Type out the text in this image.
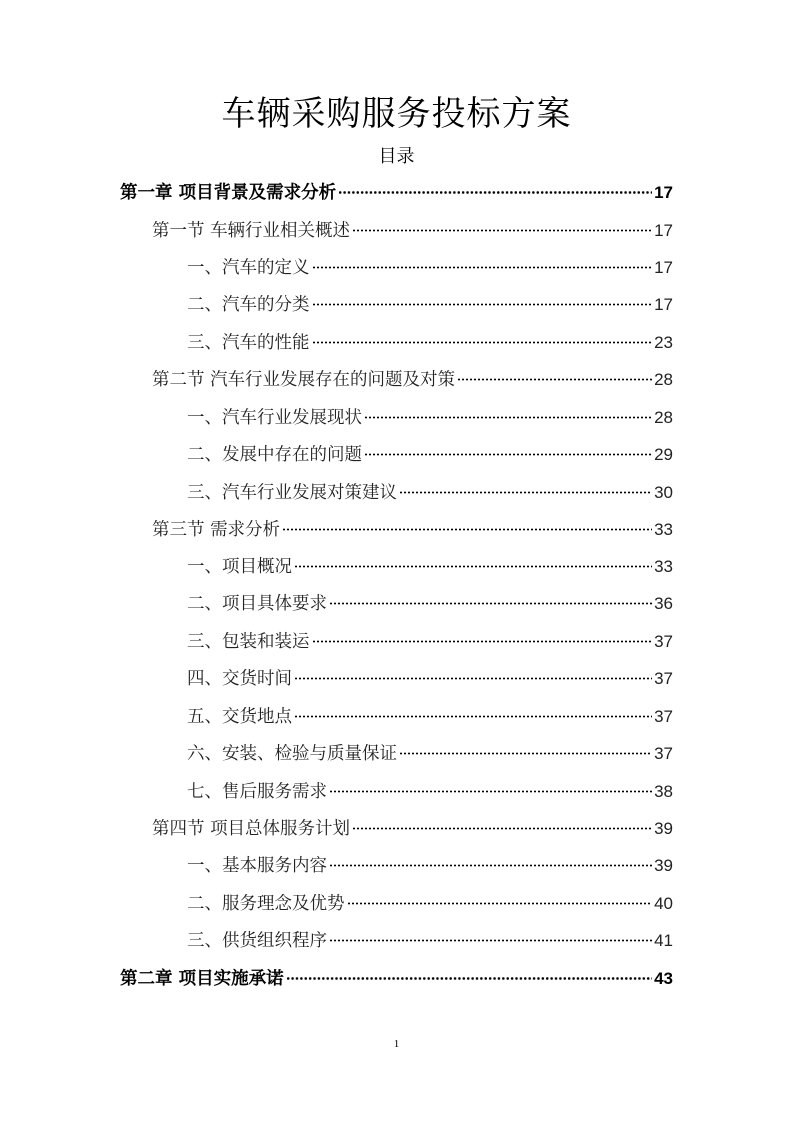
车辆采购服务投标方案
目录
第一章 项目背景及需求分析	17
第一节 车辆行业相关概述	17
一、汽车的定义	17
二、汽车的分类	17
三、汽车的性能	23
第二节 汽车行业发展存在的问题及对策	28
一、汽车行业发展现状	28
二、发展中存在的问题	29
三、汽车行业发展对策建议	30
第三节 需求分析	33
一、项目概况	33
二、项目具体要求	36
三、包装和装运	37
四、交货时间	37
五、交货地点	37
六、安装、检验与质量保证	37
七、售后服务需求	38
第四节 项目总体服务计划	39
一、基本服务内容	39
二、服务理念及优势	40
三、供货组织程序	41
第二章 项目实施承诺	43
1
